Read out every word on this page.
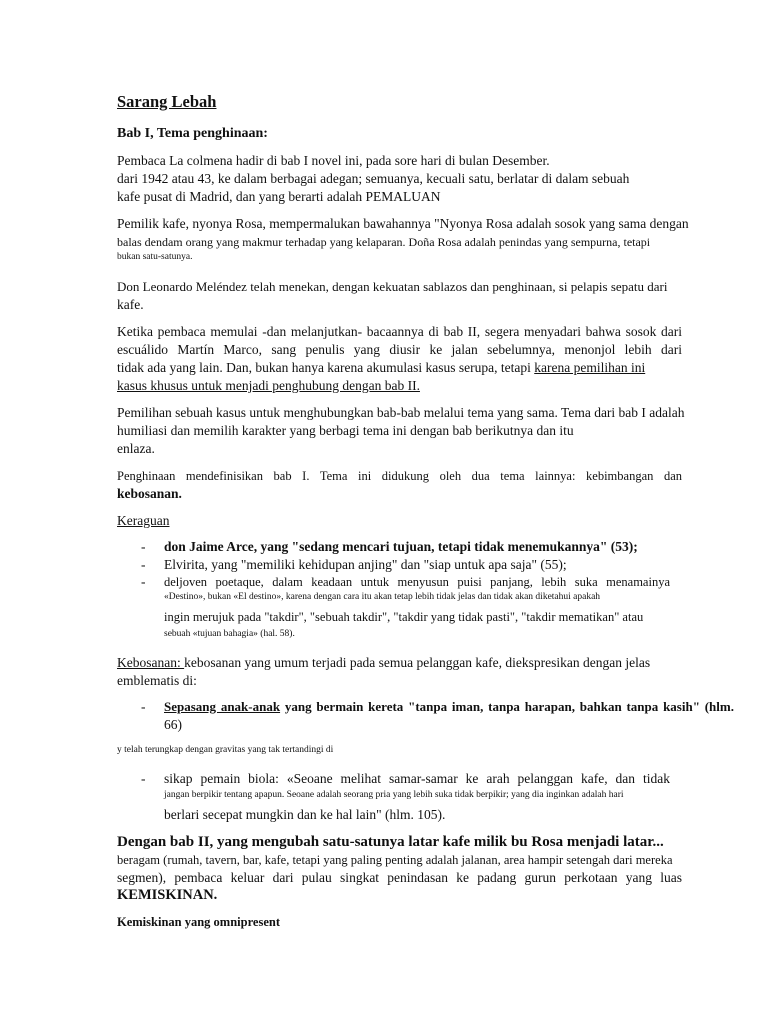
Sarang Lebah
Bab I, Tema penghinaan:
Pembaca La colmena hadir di bab I novel ini, pada sore hari di bulan Desember.
dari 1942 atau 43, ke dalam berbagai adegan; semuanya, kecuali satu, berlatar di dalam sebuah
kafe pusat di Madrid, dan yang berarti adalah PEMALUAN
Pemilik kafe, nyonya Rosa, mempermalukan bawahannya "Nyonya Rosa adalah sosok yang sama dengan
balas dendam orang yang makmur terhadap yang kelaparan. Doña Rosa adalah penindas yang sempurna, tetapi
bukan satu-satunya.
Don Leonardo Meléndez telah menekan, dengan kekuatan sablazos dan penghinaan, si pelapis sepatu dari
kafe.
Ketika pembaca memulai -dan melanjutkan- bacaannya di bab II, segera menyadari bahwa sosok dari
escuálido Martín Marco, sang penulis yang diusir ke jalan sebelumnya, menonjol lebih dari
tidak ada yang lain. Dan, bukan hanya karena akumulasi kasus serupa, tetapi karena pemilihan ini
kasus khusus untuk menjadi penghubung dengan bab II.
Pemilihan sebuah kasus untuk menghubungkan bab-bab melalui tema yang sama. Tema dari bab I adalah
humiliasi dan memilih karakter yang berbagi tema ini dengan bab berikutnya dan itu
enlaza.
Penghinaan mendefinisikan bab I. Tema ini didukung oleh dua tema lainnya: kebimbangan dan
kebosanan.
Keraguan
- don Jaime Arce, yang "sedang mencari tujuan, tetapi tidak menemukannya" (53);
- Elvirita, yang "memiliki kehidupan anjing" dan "siap untuk apa saja" (55);
- deljoven poetaque, dalam keadaan untuk menyusun puisi panjang, lebih suka menamainya
«Destino», bukan «El destino», karena dengan cara itu akan tetap lebih tidak jelas dan tidak akan diketahui apakah
ingin merujuk pada "takdir", "sebuah takdir", "takdir yang tidak pasti", "takdir mematikan" atau
sebuah «tujuan bahagia» (hal. 58).
Kebosanan: kebosanan yang umum terjadi pada semua pelanggan kafe, diekspresikan dengan jelas
emblematis di:
- Sepasang anak-anak yang bermain kereta "tanpa iman, tanpa harapan, bahkan tanpa kasih" (hlm.
66)
y telah terungkap dengan gravitas yang tak tertandingi di
- sikap pemain biola: «Seoane melihat samar-samar ke arah pelanggan kafe, dan tidak
jangan berpikir tentang apapun. Seoane adalah seorang pria yang lebih suka tidak berpikir; yang dia inginkan adalah hari
berlari secepat mungkin dan ke hal lain" (hlm. 105).
Dengan bab II, yang mengubah satu-satunya latar kafe milik bu Rosa menjadi latar...
beragam (rumah, tavern, bar, kafe, tetapi yang paling penting adalah jalanan, area hampir setengah dari mereka
segmen), pembaca keluar dari pulau singkat penindasan ke padang gurun perkotaan yang luas
KEMISKINAN.
Kemiskinan yang omnipresent
